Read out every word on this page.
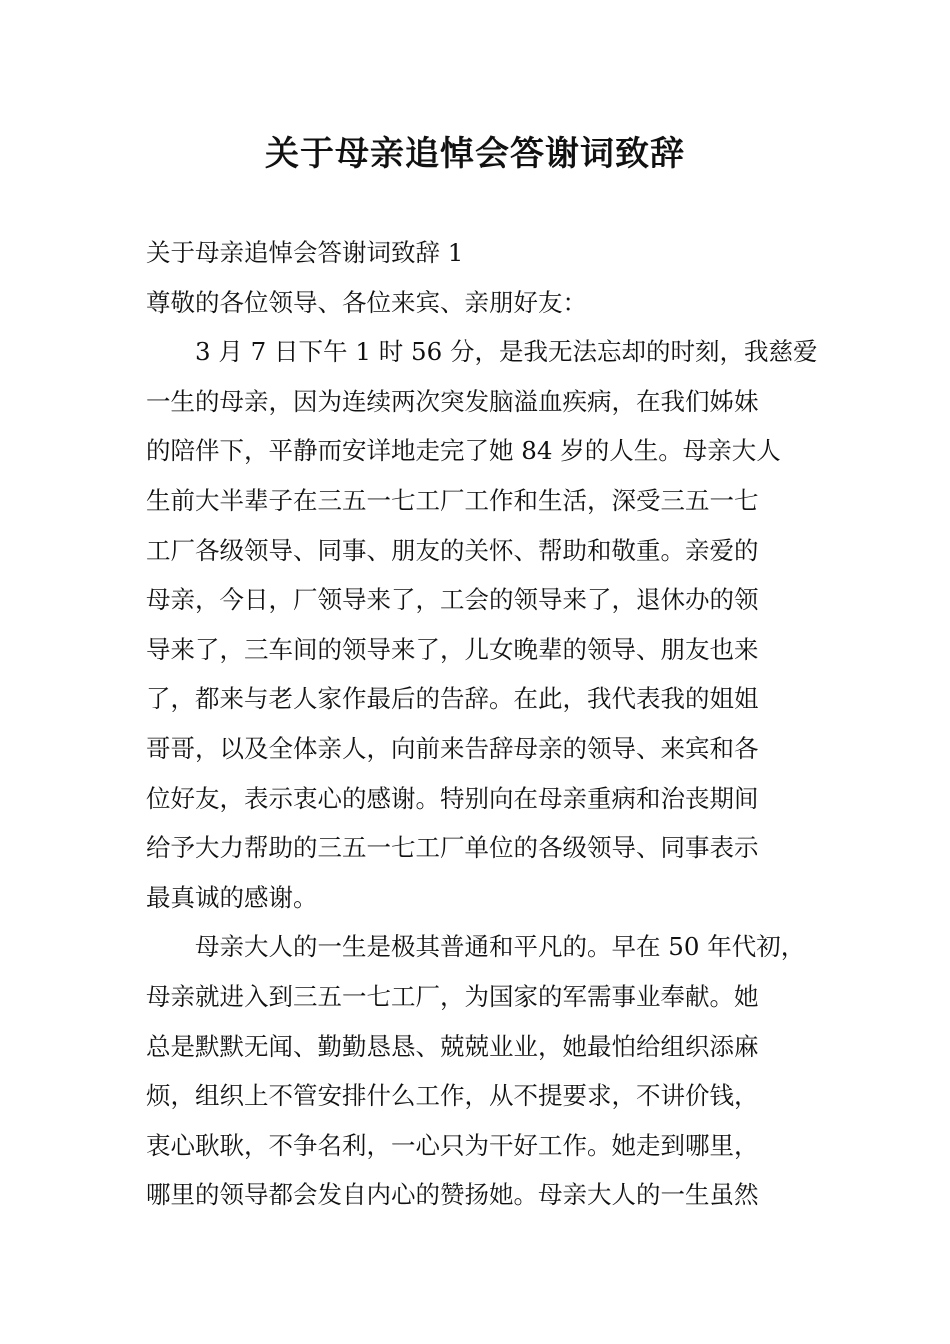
关于母亲追悼会答谢词致辞
关于母亲追悼会答谢词致辞 1
尊敬的各位领导、各位来宾、亲朋好友：
3 月 7 日下午 1 时 56 分，是我无法忘却的时刻，我慈爱
一生的母亲，因为连续两次突发脑溢血疾病，在我们姊妹
的陪伴下，平静而安详地走完了她 84 岁的人生。母亲大人
生前大半辈子在三五一七工厂工作和生活，深受三五一七
工厂各级领导、同事、朋友的关怀、帮助和敬重。亲爱的
母亲，今日，厂领导来了，工会的领导来了，退休办的领
导来了，三车间的领导来了，儿女晚辈的领导、朋友也来
了，都来与老人家作最后的告辞。在此，我代表我的姐姐
哥哥，以及全体亲人，向前来告辞母亲的领导、来宾和各
位好友，表示衷心的感谢。特别向在母亲重病和治丧期间
给予大力帮助的三五一七工厂单位的各级领导、同事表示
最真诚的感谢。
母亲大人的一生是极其普通和平凡的。早在 50 年代初，
母亲就进入到三五一七工厂，为国家的军需事业奉献。她
总是默默无闻、勤勤恳恳、兢兢业业，她最怕给组织添麻
烦，组织上不管安排什么工作，从不提要求，不讲价钱，
衷心耿耿，不争名利，一心只为干好工作。她走到哪里，
哪里的领导都会发自内心的赞扬她。母亲大人的一生虽然
